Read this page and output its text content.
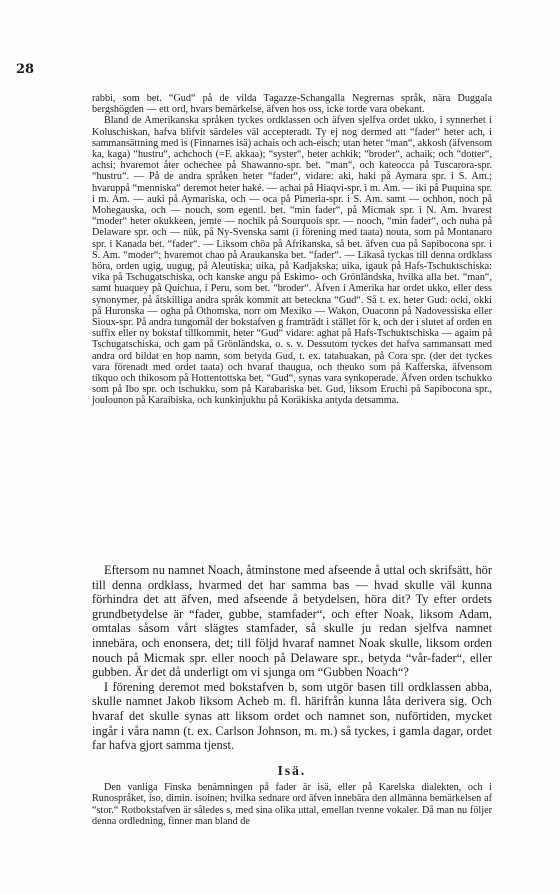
28

rabbi, som bet. “Gud“ på de vilda Tagazze-Schangalla Negrernas språk, nära Duggala bergshögden — ett ord, hvars bemärkelse, äfven hos oss, icke torde vara obekant.

Bland de Amerikanska språken tyckes ordklassen och äfven sjelfva ordet ukko, i synnerhet i Koluschiskan, hafva blifvit särdeles väl accepteradt. Ty ej nog dermed att “fader“ heter ach, i sammansättning med is (Finnarnes isä) achais och ach-eisch; utan heter “man“, akkosh (äfvensom ka, kaga) “hustru“, achchoch (=F. akkaa); “syster“, heter achkik; “broder“, achaik; och “dotter“, achsi; hvaremot åter ochechee på Shawanno-spr. bet. “man“, och kateocca på Tuscarora-spr. “hustru“. — På de andra språken heter “fader“, vidare: aki, haki på Aymara spr. i S. Am.; hvaruppå “menniska“ deremot heter haké. — achai på Hiaqvi-spr. i m. Am. — iki på Puquina spr. i m. Am. — auki på Aymariska, och — oca på Pimeria-spr. i S. Am. samt — ochhon, noch på Mohegauska, och — nouch, som egentl. bet. “min fader“, på Micmak spr. i N. Am. hvarest “moder“ heter okukkeen, jemte — nochik på Sourquois spr. — nooch, “min fader“, och nuha på Delaware spr. och — nük, på Ny-Svenska samt (i förening med taata) nouta, som på Montanaro spr. i Kanada bet. “fader“. — Liksom chöa på Afrikanska, så bet. äfven cua på Sapibocona spr. i S. Am. “moder“; hvaremot chao på Araukanska bet. “fader“. — Likaså tyckas till denna ordklass höra, orden ugig, uugug, på Aleutiska; uika, på Kadjakska; uika, igauk på Hafs-Tschuktschiska: vika på Tschugatschiska, och kanske angu på Eskimo- och Grönländska, hvilka alla bet. “man“, samt huaquey på Quichua, i Peru, som bet. “broder“. Äfven i Amerika har ordet ukko, eller dess synonymer, på åtskilliga andra språk kommit att beteckna “Gud“. Så t. ex. heter Gud: ocki, okki på Huronska — ogha på Othomska, norr om Mexiko — Wakon, Ouaconn på Nadovessiska eller Sioux-spr. På andra tungomål der bokstafven g framträdt i stället för k, och der i slutet af orden en suffix eller ny bokstaf tillkommit, heter “Gud“ vidare: aghat på Hafs-Tschuktschiska — agaim på Tschugatschiska, och gam på Grönländska, o. s. v. Dessutom tyckes det hafva sammansatt med andra ord bildat en hop namn, som betyda Gud, t. ex. tatahuakan, på Cora spr. (der det tyckes vara förenadt med ordet taata) och hvaraf thaugua, och theuko som på Kafferska, äfvensom tikquo och thikosom på Hottentottska bet. “Gud“, synas vara synkoperade. Äfven orden tschukko som på Ibo spr. och tschukku, som på Karabariska bet. Gud, liksom Eruchi på Sapibocona spr., joulounon på Karaibiska, och kunkinjukhu på Koräkiska antyda detsamma.

Eftersom nu namnet Noach, åtminstone med afseende å uttal och skrifsätt, hör till denna ordklass, hvarmed det har samma bas — hvad skulle väl kunna förhindra det att äfven, med afseende å betydelsen, höra dit? Ty efter ordets grundbetydelse är “fader, gubbe, stamfader“, och efter Noak, liksom Adam, omtalas såsom vårt slägtes stamfader, så skulle ju redan sjelfva namnet innebära, och enonsera, det; till följd hvaraf namnet Noak skulle, liksom orden nouch på Micmak spr. eller nooch på Delaware spr., betyda “vår-fader“, eller gubben. Är det då underligt om vi sjunga om “Gubben Noach“?

I förening deremot med bokstafven b, som utgör basen till ordklassen abba, skulle namnet Jakob liksom Acheb m. fl. härifrån kunna låta derivera sig. Och hvaraf det skulle synas att liksom ordet och namnet son, nuförtiden, mycket ingår i våra namn (t. ex. Carlson Johnson, m. m.) så tyckes, i gamla dagar, ordet far hafva gjort samma tjenst.

Isä.

Den vanliga Finska benämningen på fader är isä, eller på Karelska dialekten, och i Runospråket, iso, dimin. isoinen; hvilka sednare ord äfven innebära den allmänna bemärkelsen af “stor.“ Rotbokstafven är således s, med sina olika uttal, emellan tvenne vokaler. Då man nu följer denna ordledning, finner man bland de
